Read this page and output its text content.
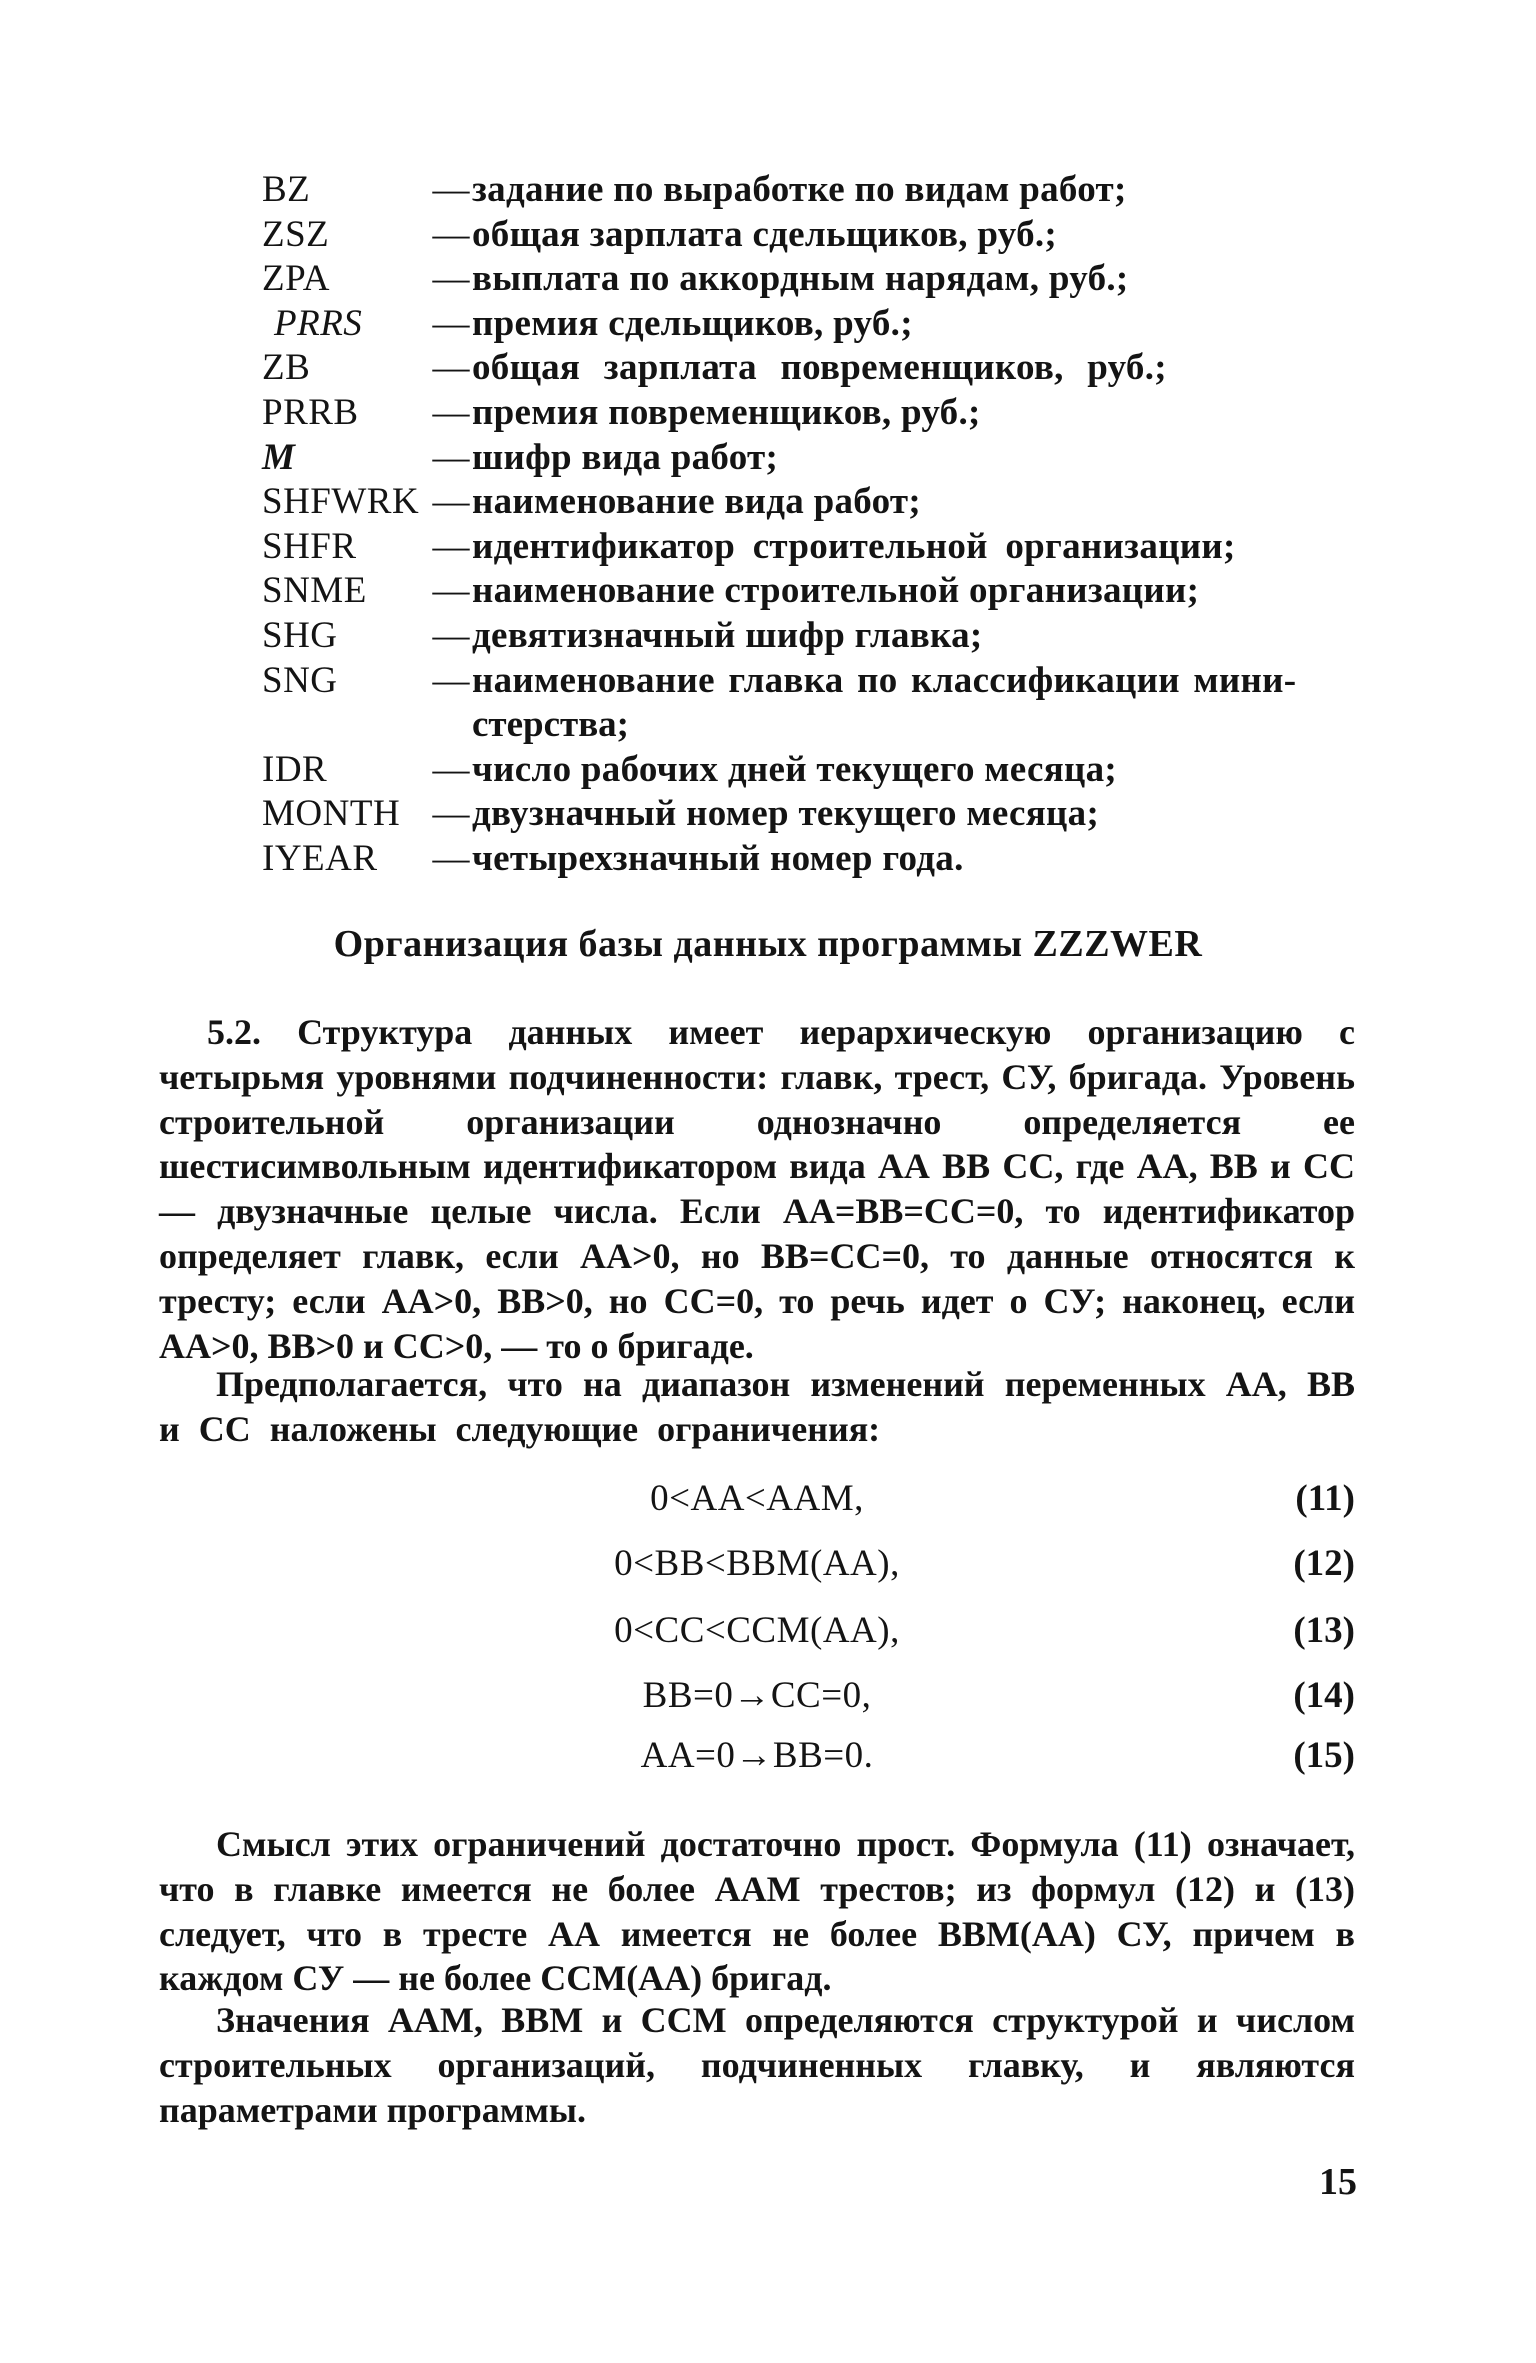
BZ	— задание по выработке по видам работ;
ZSZ	— общая зарплата сдельщиков, руб.;
ZPA	— выплата по аккордным нарядам, руб.;
PRRS	— премия сдельщиков, руб.;
ZB	— общая зарплата повременщиков, руб.;
PRRB	— премия повременщиков, руб.;
M	— шифр вида работ;
SHFWRK — наименование вида работ;
SHFR	— идентификатор строительной организации;
SNME	— наименование строительной организации;
SHG	— девятизначный шифр главка;
SNG	— наименование главка по классификации мини-
стерства;
IDR	— число рабочих дней текущего месяца;
MONTH — двузначный номер текущего месяца;
IYEAR	— четырехзначный номер года.
Организация базы данных программы ZZZWER

5.2. Структура данных имеет иерархическую организацию с четырьмя уровнями подчиненности: главк, трест, СУ, бригада. Уровень строительной организации однозначно определяется ее шестисимвольным идентификатором вида АА ВВ СС, где АА, ВВ и СС — двузначные целые числа. Если АА=ВВ=СС=0, то идентификатор определяет главк, если АА>0, но ВВ=СС=0, то данные относятся к тресту; если АА>0, ВВ>0, но СС=0, то речь идет о СУ; наконец, если АА>0, ВВ>0 и СС>0, — то о бригаде.

Предполагается, что на диапазон изменений переменных АА, ВВ и СС наложены следующие ограничения:

0<AA<AAM,	(11)
0<BB<BBM(AA),	(12)
0<CC<CCM(AA),	(13)
BB=0→CC=0,	(14)
AA=0→BB=0.	(15)

Смысл этих ограничений достаточно прост. Формула (11) означает, что в главке имеется не более ААМ трестов; из формул (12) и (13) следует, что в тресте АА имеется не более ВВМ(АА) СУ, причем в каждом СУ — не более ССМ(АА) бригад.

Значения ААМ, ВВМ и ССМ определяются структурой и числом строительных организаций, подчиненных главку, и являются параметрами программы.

15
